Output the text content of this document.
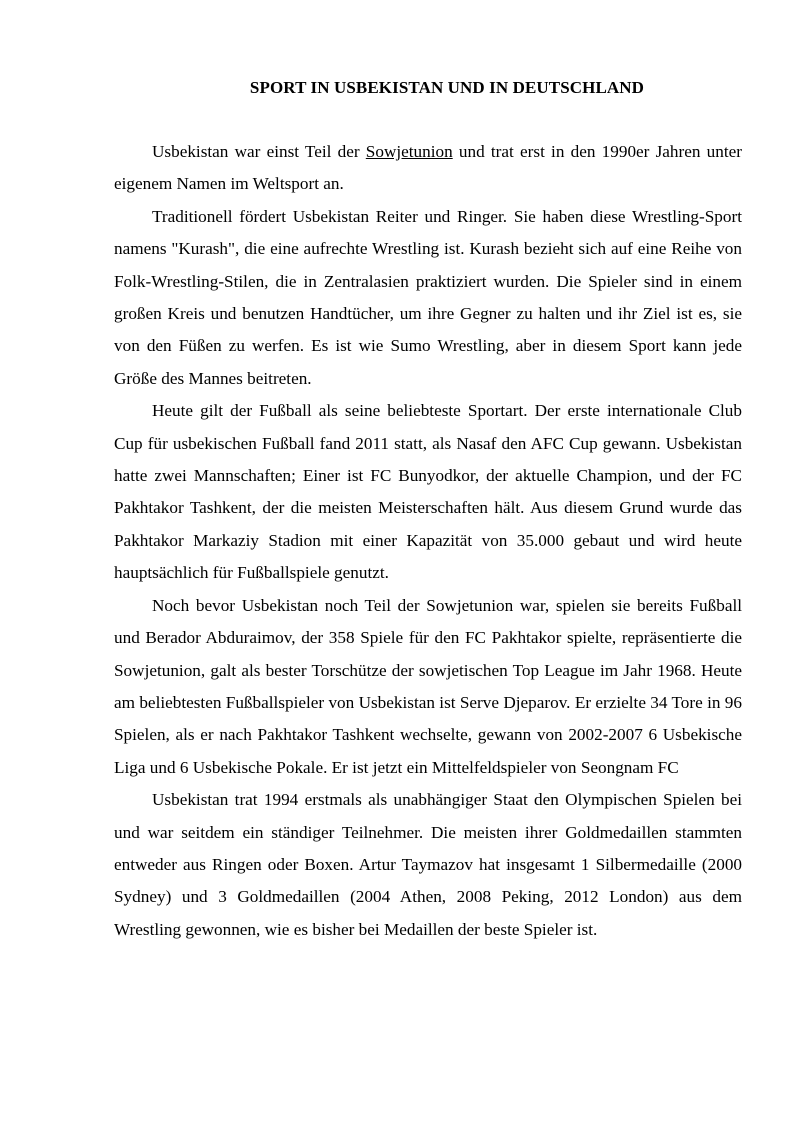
SPORT IN USBEKISTAN UND IN DEUTSCHLAND

Usbekistan war einst Teil der Sowjetunion und trat erst in den 1990er Jahren unter eigenem Namen im Weltsport an.

Traditionell fördert Usbekistan Reiter und Ringer. Sie haben diese Wrestling-Sport namens "Kurash", die eine aufrechte Wrestling ist. Kurash bezieht sich auf eine Reihe von Folk-Wrestling-Stilen, die in Zentralasien praktiziert wurden. Die Spieler sind in einem großen Kreis und benutzen Handtücher, um ihre Gegner zu halten und ihr Ziel ist es, sie von den Füßen zu werfen. Es ist wie Sumo Wrestling, aber in diesem Sport kann jede Größe des Mannes beitreten.

Heute gilt der Fußball als seine beliebteste Sportart. Der erste internationale Club Cup für usbekischen Fußball fand 2011 statt, als Nasaf den AFC Cup gewann. Usbekistan hatte zwei Mannschaften; Einer ist FC Bunyodkor, der aktuelle Champion, und der FC Pakhtakor Tashkent, der die meisten Meisterschaften hält. Aus diesem Grund wurde das Pakhtakor Markaziy Stadion mit einer Kapazität von 35.000 gebaut und wird heute hauptsächlich für Fußballspiele genutzt.

Noch bevor Usbekistan noch Teil der Sowjetunion war, spielen sie bereits Fußball und Berador Abduraimov, der 358 Spiele für den FC Pakhtakor spielte, repräsentierte die Sowjetunion, galt als bester Torschütze der sowjetischen Top League im Jahr 1968. Heute am beliebtesten Fußballspieler von Usbekistan ist Serve Djeparov. Er erzielte 34 Tore in 96 Spielen, als er nach Pakhtakor Tashkent wechselte, gewann von 2002-2007 6 Usbekische Liga und 6 Usbekische Pokale. Er ist jetzt ein Mittelfeldspieler von Seongnam FC

Usbekistan trat 1994 erstmals als unabhängiger Staat den Olympischen Spielen bei und war seitdem ein ständiger Teilnehmer. Die meisten ihrer Goldmedaillen stammten entweder aus Ringen oder Boxen. Artur Taymazov hat insgesamt 1 Silbermedaille (2000 Sydney) und 3 Goldmedaillen (2004 Athen, 2008 Peking, 2012 London) aus dem Wrestling gewonnen, wie es bisher bei Medaillen der beste Spieler ist.
